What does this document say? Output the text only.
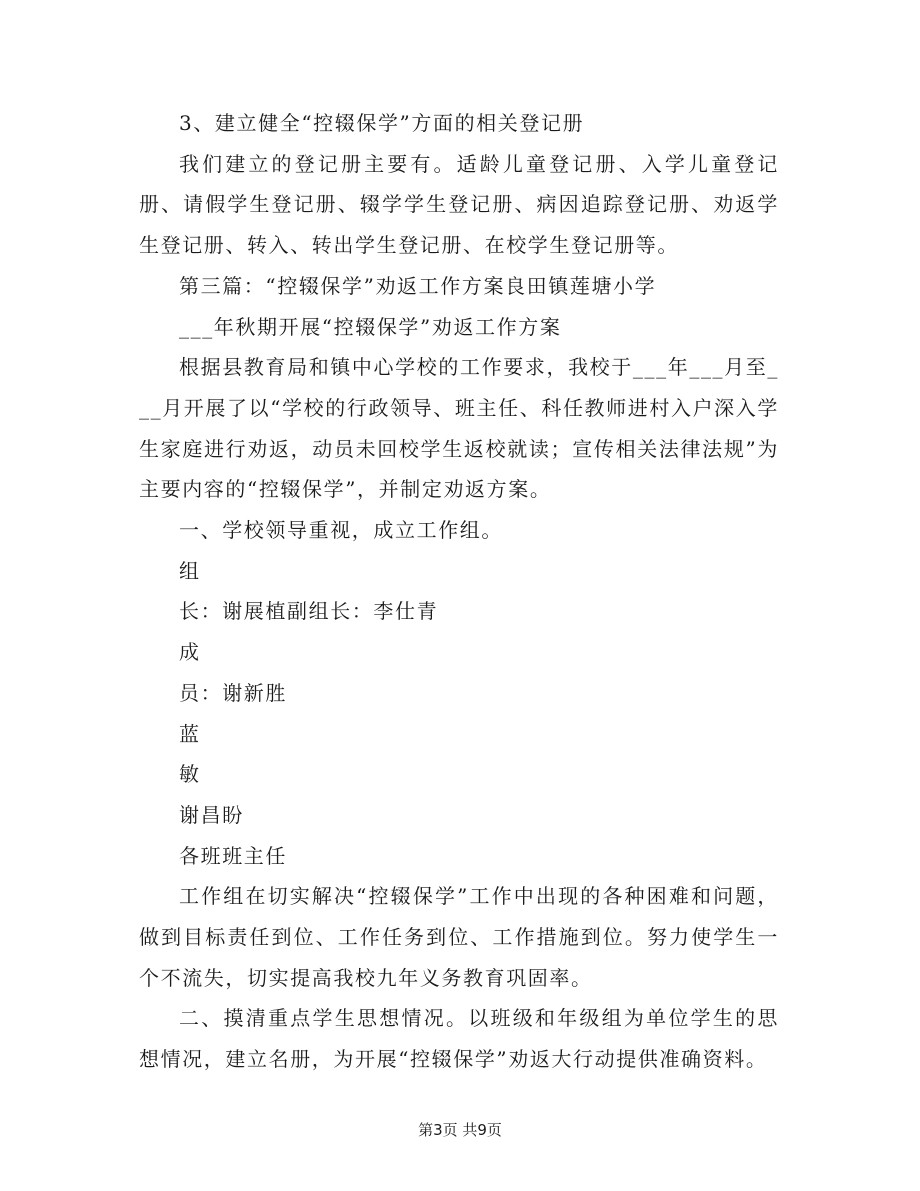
3、建立健全“控辍保学”方面的相关登记册

我们建立的登记册主要有。适龄儿童登记册、入学儿童登记册、请假学生登记册、辍学学生登记册、病因追踪登记册、劝返学生登记册、转入、转出学生登记册、在校学生登记册等。

第三篇：“控辍保学”劝返工作方案良田镇莲塘小学

___年秋期开展“控辍保学”劝返工作方案

根据县教育局和镇中心学校的工作要求，我校于___年___月至___月开展了以“学校的行政领导、班主任、科任教师进村入户深入学生家庭进行劝返，动员未回校学生返校就读；宣传相关法律法规”为主要内容的“控辍保学”，并制定劝返方案。

一、学校领导重视，成立工作组。

组

长：谢展植副组长：李仕青

成

员：谢新胜

蓝

敏

谢昌盼

各班班主任

工作组在切实解决“控辍保学”工作中出现的各种困难和问题，做到目标责任到位、工作任务到位、工作措施到位。努力使学生一个不流失，切实提高我校九年义务教育巩固率。

二、摸清重点学生思想情况。以班级和年级组为单位学生的思想情况，建立名册，为开展“控辍保学”劝返大行动提供准确资料。

第3页 共9页
